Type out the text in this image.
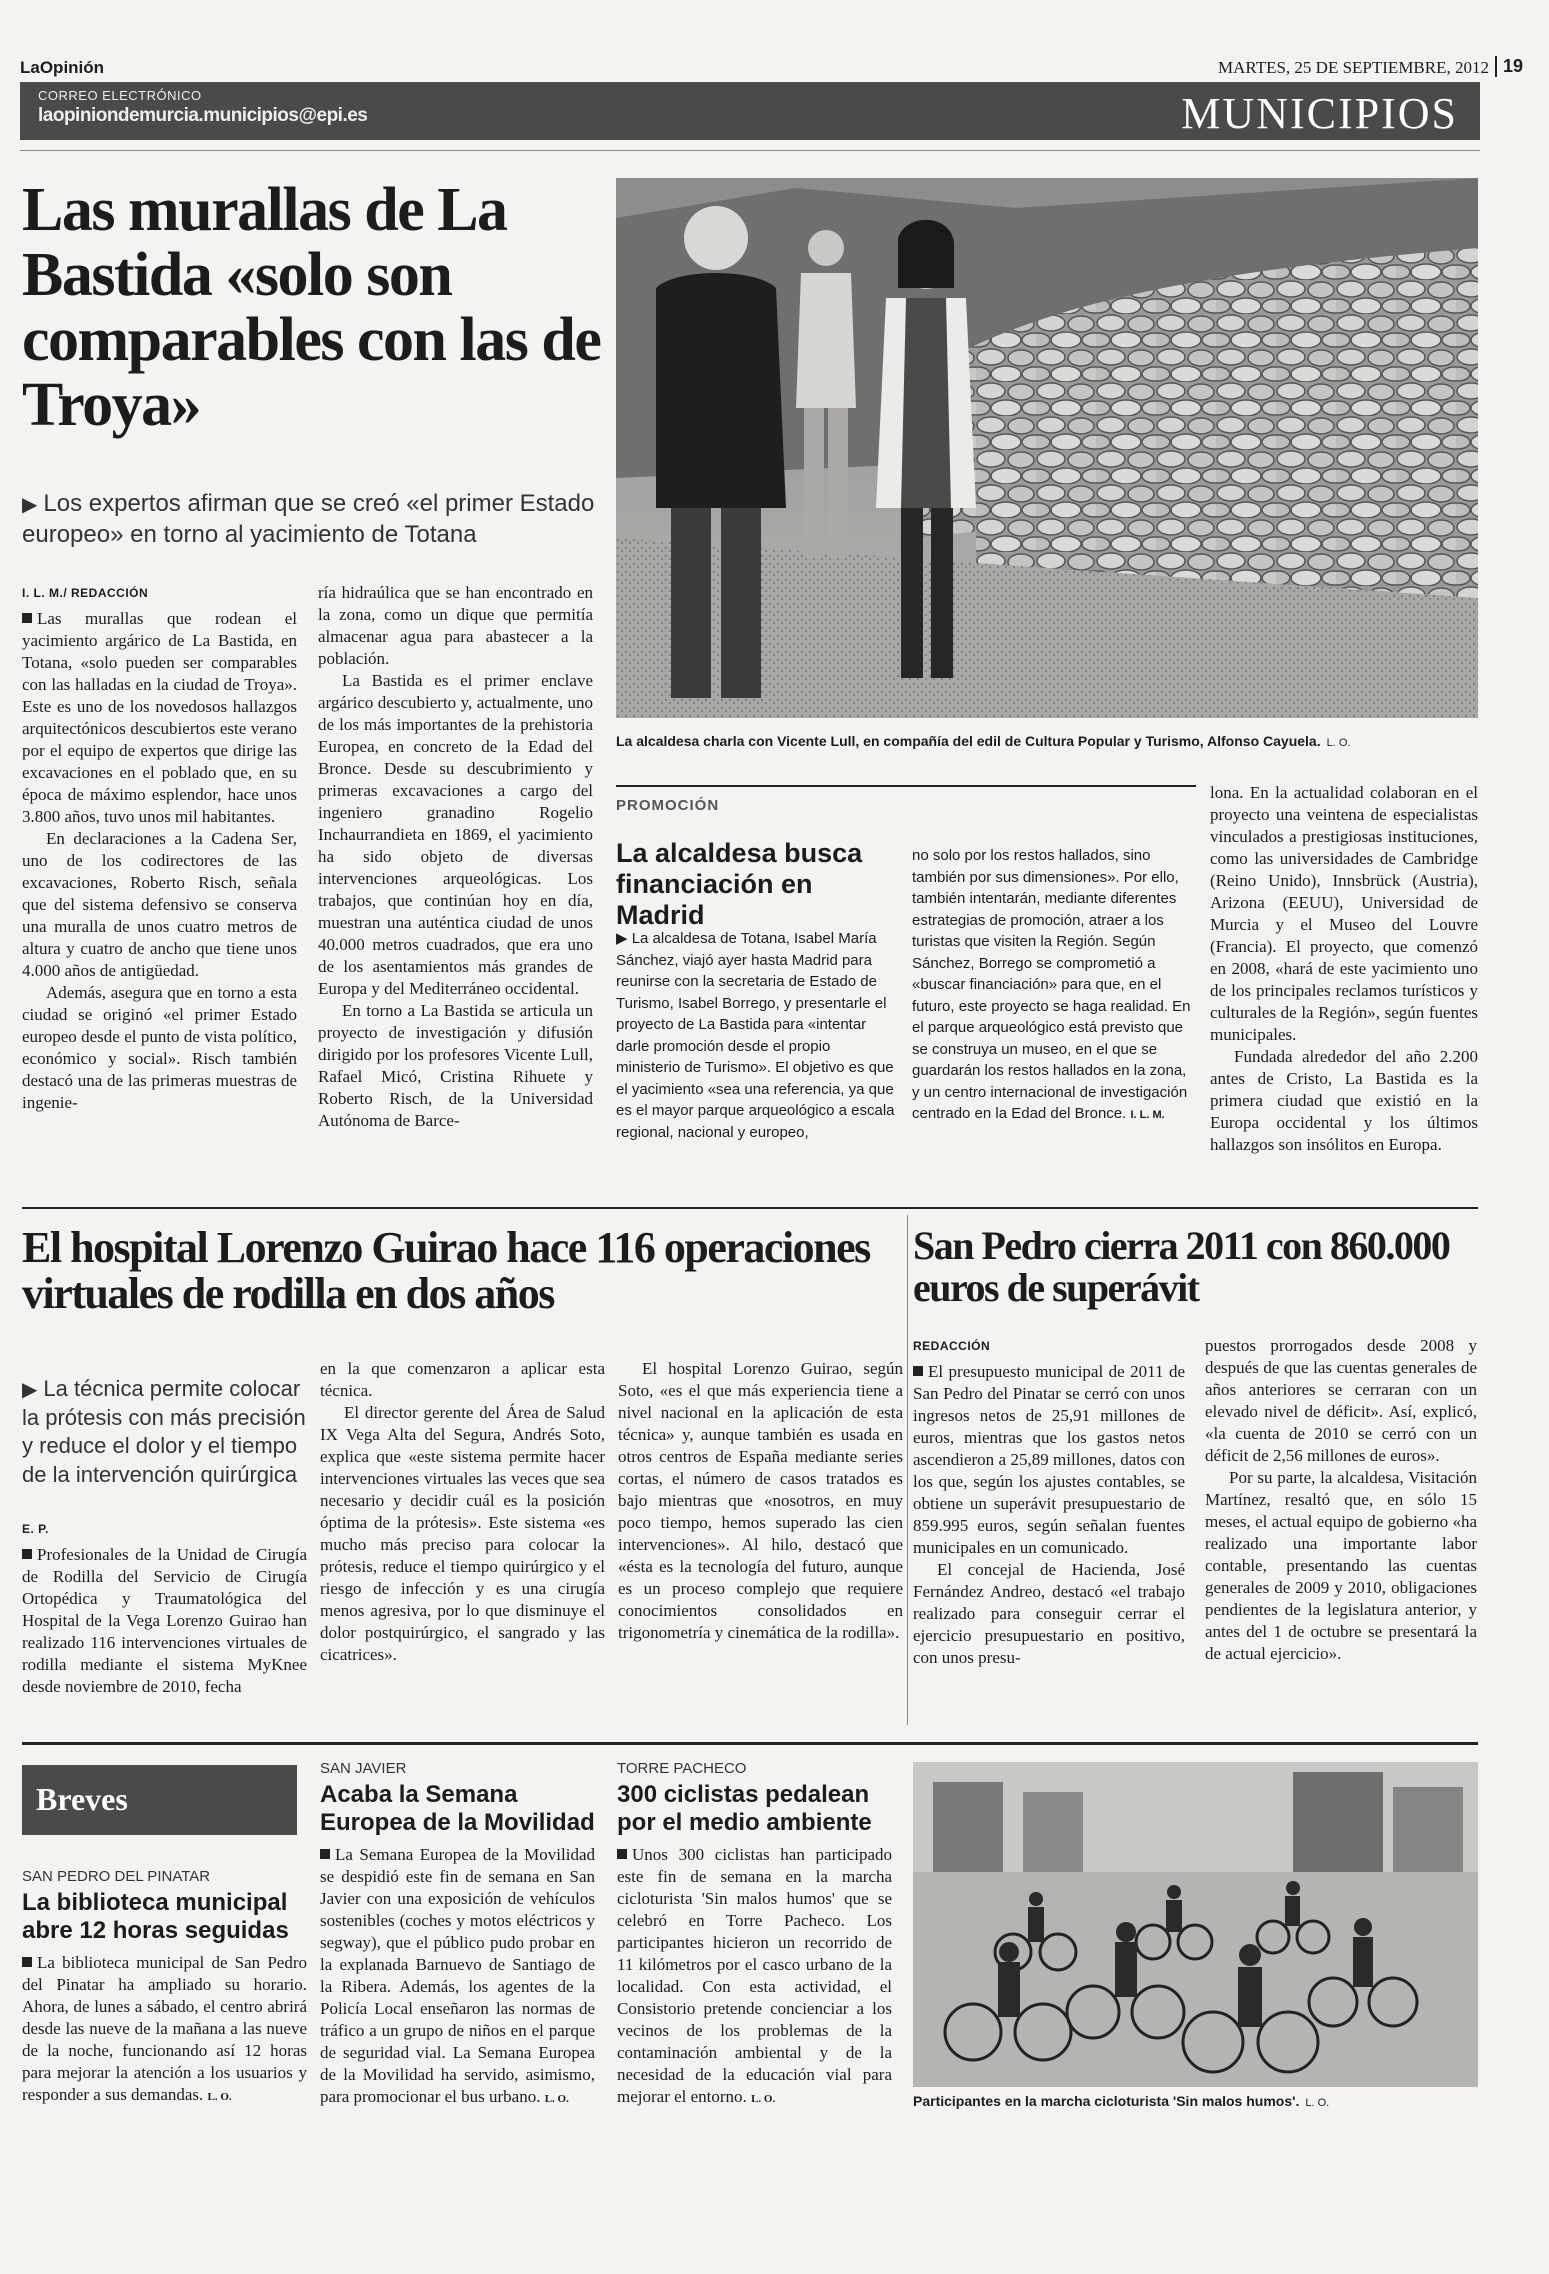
LaOpinión	MARTES, 25 DE SEPTIEMBRE, 2012 19
CORREO ELECTRÓNICO
laopiniondemurcia.municipios@epi.es	MUNICIPIOS
Las murallas de La Bastida «solo son comparables con las de Troya»
▶ Los expertos afirman que se creó «el primer Estado europeo» en torno al yacimiento de Totana
I. L. M./ REDACCIÓN

Las murallas que rodean el yacimiento argárico de La Bastida, en Totana, «solo pueden ser comparables con las halladas en la ciudad de Troya». Este es uno de los novedosos hallazgos arquitectónicos descubiertos este verano por el equipo de expertos que dirige las excavaciones en el poblado que, en su época de máximo esplendor, hace unos 3.800 años, tuvo unos mil habitantes.

En declaraciones a la Cadena Ser, uno de los codirectores de las excavaciones, Roberto Risch, señala que del sistema defensivo se conserva una muralla de unos cuatro metros de altura y cuatro de ancho que tiene unos 4.000 años de antigüedad.

Además, asegura que en torno a esta ciudad se originó «el primer Estado europeo desde el punto de vista político, económico y social». Risch también destacó una de las primeras muestras de ingenie-

ría hidraúlica que se han encontrado en la zona, como un dique que permitía almacenar agua para abastecer a la población.

La Bastida es el primer enclave argárico descubierto y, actualmente, uno de los más importantes de la prehistoria Europea, en concreto de la Edad del Bronce. Desde su descubrimiento y primeras excavaciones a cargo del ingeniero granadino Rogelio Inchaurrandieta en 1869, el yacimiento ha sido objeto de diversas intervenciones arqueológicas. Los trabajos, que continúan hoy en día, muestran una auténtica ciudad de unos 40.000 metros cuadrados, que era uno de los asentamientos más grandes de Europa y del Mediterráneo occidental.

En torno a La Bastida se articula un proyecto de investigación y difusión dirigido por los profesores Vicente Lull, Rafael Micó, Cristina Rihuete y Roberto Risch, de la Universidad Autónoma de Barce-

La alcaldesa charla con Vicente Lull, en compañía del edil de Cultura Popular y Turismo, Alfonso Cayuela. L. O.
PROMOCIÓN
La alcaldesa busca financiación en Madrid
▶ La alcaldesa de Totana, Isabel María Sánchez, viajó ayer hasta Madrid para reunirse con la secretaria de Estado de Turismo, Isabel Borrego, y presentarle el proyecto de La Bastida para «intentar darle promoción desde el propio ministerio de Turismo». El objetivo es que el yacimiento «sea una referencia, ya que es el mayor parque arqueológico a escala regional, nacional y europeo,
no solo por los restos hallados, sino también por sus dimensiones». Por ello, también intentarán, mediante diferentes estrategias de promoción, atraer a los turistas que visiten la Región. Según Sánchez, Borrego se comprometió a «buscar financiación» para que, en el futuro, este proyecto se haga realidad. En el parque arqueológico está previsto que se construya un museo, en el que se guardarán los restos hallados en la zona, y un centro internacional de investigación centrado en la Edad del Bronce. I. L. M.

lona. En la actualidad colaboran en el proyecto una veintena de especialistas vinculados a prestigiosas instituciones, como las universidades de Cambridge (Reino Unido), Innsbrück (Austria), Arizona (EEUU), Universidad de Murcia y el Museo del Louvre (Francia). El proyecto, que comenzó en 2008, «hará de este yacimiento uno de los principales reclamos turísticos y culturales de la Región», según fuentes municipales.

Fundada alrededor del año 2.200 antes de Cristo, La Bastida es la primera ciudad que existió en la Europa occidental y los últimos hallazgos son insólitos en Europa.

El hospital Lorenzo Guirao hace 116 operaciones virtuales de rodilla en dos años
▶ La técnica permite colocar la prótesis con más precisión y reduce el dolor y el tiempo de la intervención quirúrgica
E. P.

Profesionales de la Unidad de Cirugía de Rodilla del Servicio de Cirugía Ortopédica y Traumatológica del Hospital de la Vega Lorenzo Guirao han realizado 116 intervenciones virtuales de rodilla mediante el sistema MyKnee desde noviembre de 2010, fecha

en la que comenzaron a aplicar esta técnica.

El director gerente del Área de Salud IX Vega Alta del Segura, Andrés Soto, explica que «este sistema permite hacer intervenciones virtuales las veces que sea necesario y decidir cuál es la posición óptima de la prótesis». Este sistema «es mucho más preciso para colocar la prótesis, reduce el tiempo quirúrgico y el riesgo de infección y es una cirugía menos agresiva, por lo que disminuye el dolor postquirúrgico, el sangrado y las cicatrices».

El hospital Lorenzo Guirao, según Soto, «es el que más experiencia tiene a nivel nacional en la aplicación de esta técnica» y, aunque también es usada en otros centros de España mediante series cortas, el número de casos tratados es bajo mientras que «nosotros, en muy poco tiempo, hemos superado las cien intervenciones». Al hilo, destacó que «ésta es la tecnología del futuro, aunque es un proceso complejo que requiere conocimientos consolidados en trigonometría y cinemática de la rodilla».

San Pedro cierra 2011 con 860.000 euros de superávit
REDACCIÓN

El presupuesto municipal de 2011 de San Pedro del Pinatar se cerró con unos ingresos netos de 25,91 millones de euros, mientras que los gastos netos ascendieron a 25,89 millones, datos con los que, según los ajustes contables, se obtiene un superávit presupuestario de 859.995 euros, según señalan fuentes municipales en un comunicado.

El concejal de Hacienda, José Fernández Andreo, destacó «el trabajo realizado para conseguir cerrar el ejercicio presupuestario en positivo, con unos presu-

puestos prorrogados desde 2008 y después de que las cuentas generales de años anteriores se cerraran con un elevado nivel de déficit». Así, explicó, «la cuenta de 2010 se cerró con un déficit de 2,56 millones de euros».

Por su parte, la alcaldesa, Visitación Martínez, resaltó que, en sólo 15 meses, el actual equipo de gobierno «ha realizado una importante labor contable, presentando las cuentas generales de 2009 y 2010, obligaciones pendientes de la legislatura anterior, y antes del 1 de octubre se presentará la de actual ejercicio».

Breves
SAN PEDRO DEL PINATAR
La biblioteca municipal abre 12 horas seguidas
La biblioteca municipal de San Pedro del Pinatar ha ampliado su horario. Ahora, de lunes a sábado, el centro abrirá desde las nueve de la mañana a las nueve de la noche, funcionando así 12 horas para mejorar la atención a los usuarios y responder a sus demandas. L. O.
SAN JAVIER
Acaba la Semana Europea de la Movilidad
La Semana Europea de la Movilidad se despidió este fin de semana en San Javier con una exposición de vehículos sostenibles (coches y motos eléctricos y segway), que el público pudo probar en la explanada Barnuevo de Santiago de la Ribera. Además, los agentes de la Policía Local enseñaron las normas de tráfico a un grupo de niños en el parque de seguridad vial. La Semana Europea de la Movilidad ha servido, asimismo, para promocionar el bus urbano. L. O.
TORRE PACHECO
300 ciclistas pedalean por el medio ambiente
Unos 300 ciclistas han participado este fin de semana en la marcha cicloturista 'Sin malos humos' que se celebró en Torre Pacheco. Los participantes hicieron un recorrido de 11 kilómetros por el casco urbano de la localidad. Con esta actividad, el Consistorio pretende concienciar a los vecinos de los problemas de la contaminación ambiental y de la necesidad de la educación vial para mejorar el entorno. L. O.	Participantes en la marcha cicloturista 'Sin malos humos'. L. O.
